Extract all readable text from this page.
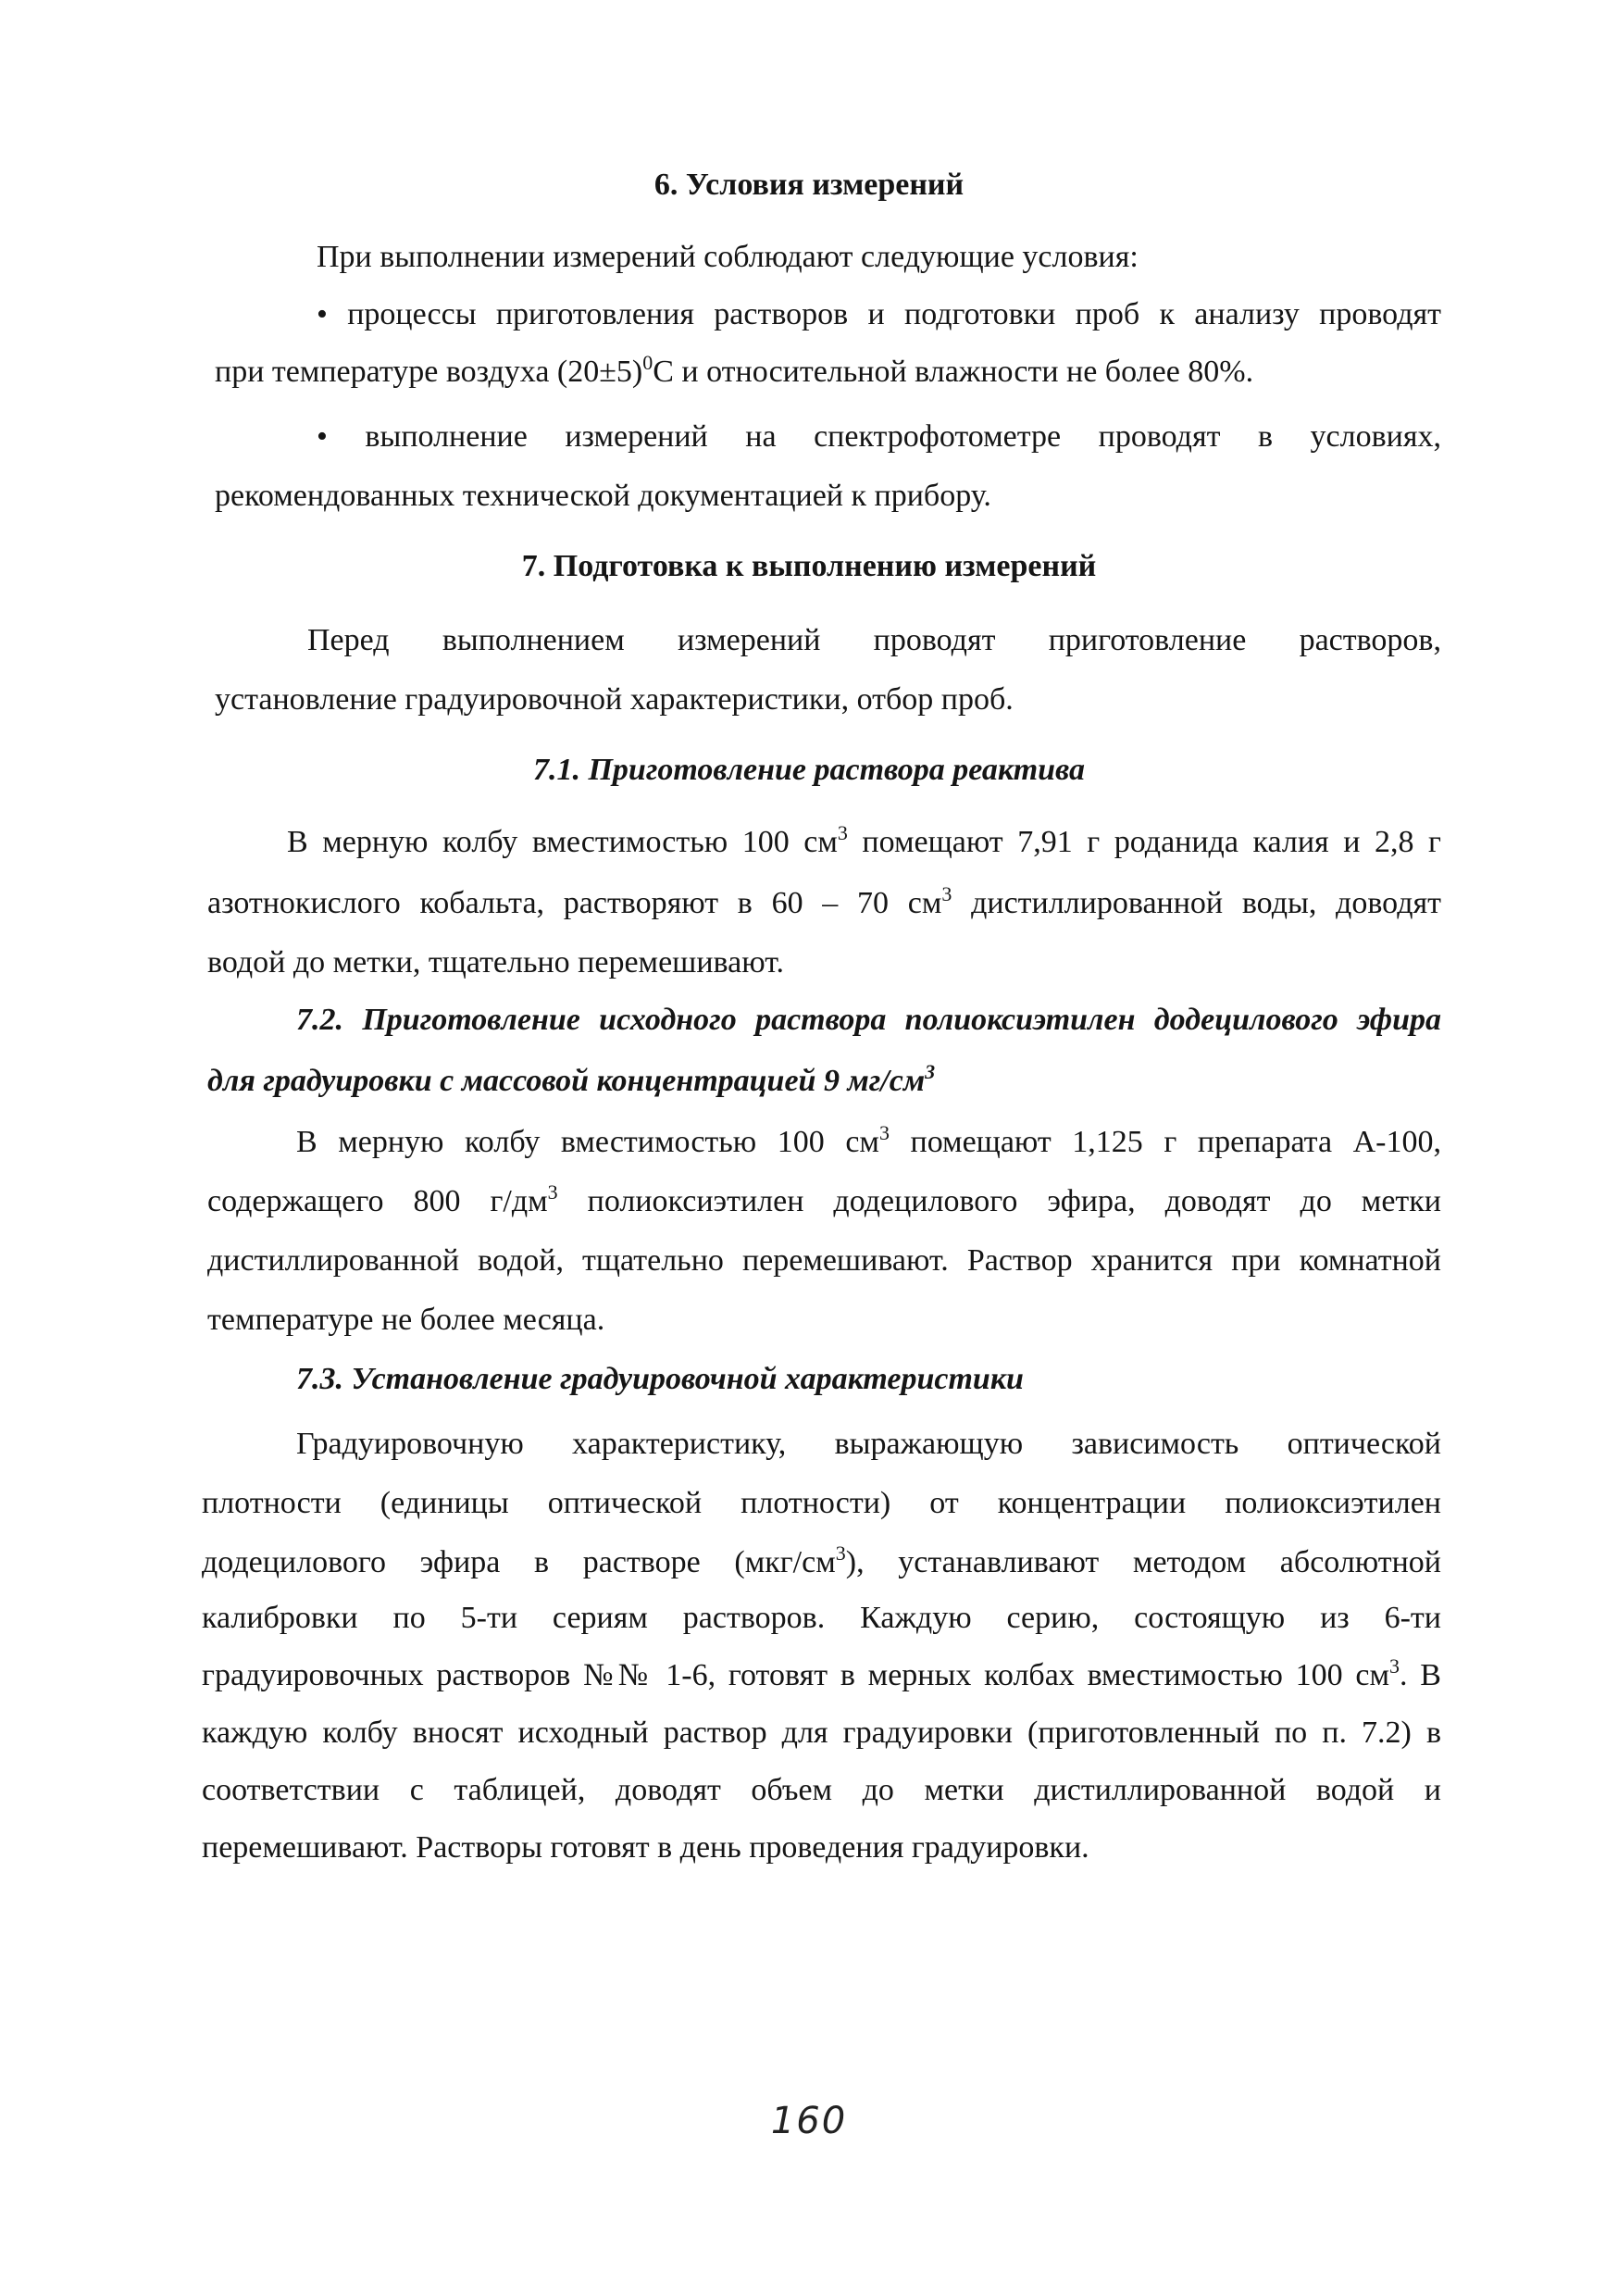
6. Условия измерений
При выполнении измерений соблюдают следующие условия:
• процессы приготовления растворов и подготовки проб к анализу проводят
при температуре воздуха $(20\pm 5)^0С$ и относительной влажности не более 80%.
• выполнение измерений на спектрофотометре проводят в условиях,
рекомендованных технической документацией к прибору.
7. Подготовка к выполнению измерений
Перед выполнением измерений проводят приготовление растворов,
установление градуировочной характеристики, отбор проб.
7.1. Приготовление раствора реактива
В мерную колбу вместимостью 100 $см^3$ помещают 7,91 г роданида калия и 2,8 г
азотнокислого кобальта, растворяют в 60 – 70 $см^3$ дистиллированной воды, доводят
водой до метки, тщательно перемешивают.
7.2. Приготовление исходного раствора полиоксиэтилен додецилового эфира
для градуировки с массовой концентрацией 9 $мг/см^3$
В мерную колбу вместимостью 100 $см^3$ помещают 1,125 г препарата А-100,
содержащего 800 $г/дм^3$ полиоксиэтилен додецилового эфира, доводят до метки
дистиллированной водой, тщательно перемешивают. Раствор хранится при комнатной
температуре не более месяца.
7.3. Установление градуировочной характеристики
Градуировочную характеристику, выражающую зависимость оптической
плотности (единицы оптической плотности) от концентрации полиоксиэтилен
додецилового эфира в растворе $(мкг/см^3)$, устанавливают методом абсолютной
калибровки по 5-ти сериям растворов. Каждую серию, состоящую из 6-ти
градуировочных растворов №№ 1-6, готовят в мерных колбах вместимостью 100 $см^3$. В
каждую колбу вносят исходный раствор для градуировки (приготовленный по п. 7.2) в
соответствии с таблицей, доводят объем до метки дистиллированной водой и
перемешивают. Растворы готовят в день проведения градуировки.
160
